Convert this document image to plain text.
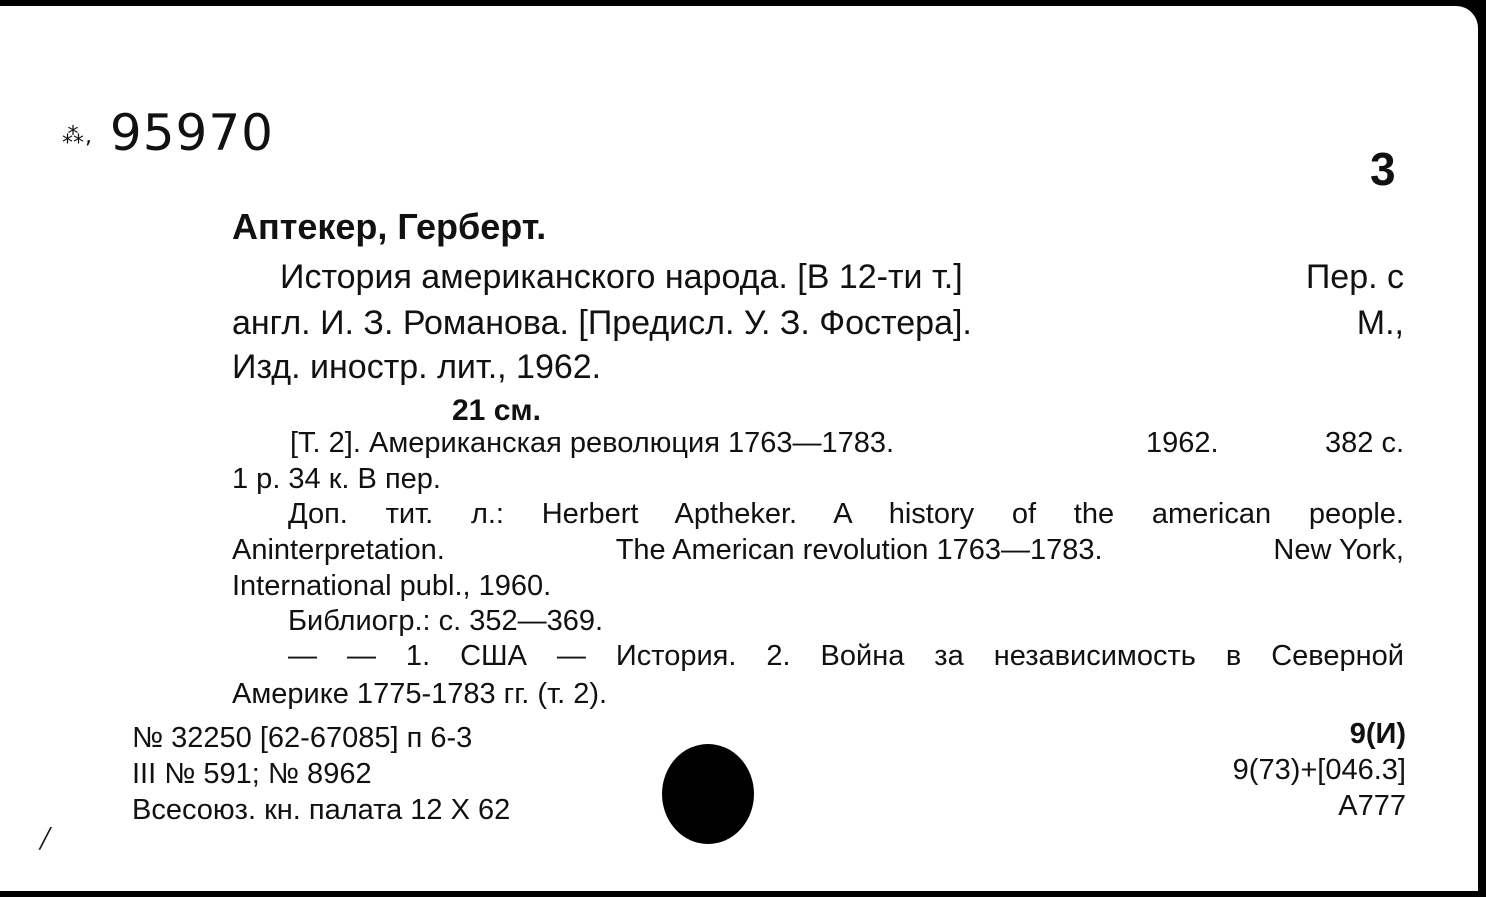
⁂, 95970
3
Аптекер, Герберт.
История американского народа. [В 12-ти т.]	Пер. с
англ. И. З. Романова. [Предисл. У. З. Фостера].	М.,
Изд. иностр. лит., 1962.
21 см.
[Т. 2]. Американская революция 1763—1783.	1962.	382 с.
1 р. 34 к. В пер.
Доп. тит. л.: Herbert Aptheker. A history of the american people.
Aninterpretation.	The American revolution 1763—1783.	New York,
International publ., 1960.
Библиогр.: с. 352—369.
— — 1. США — История. 2. Война за независимость в Северной
Америке 1775-1783 гг. (т. 2).
№ 32250 [62-67085] п 6-3
III № 591; № 8962
Всесоюз. кн. палата 12 X 62
9(И)
9(73)+[046.3]
А777
/
